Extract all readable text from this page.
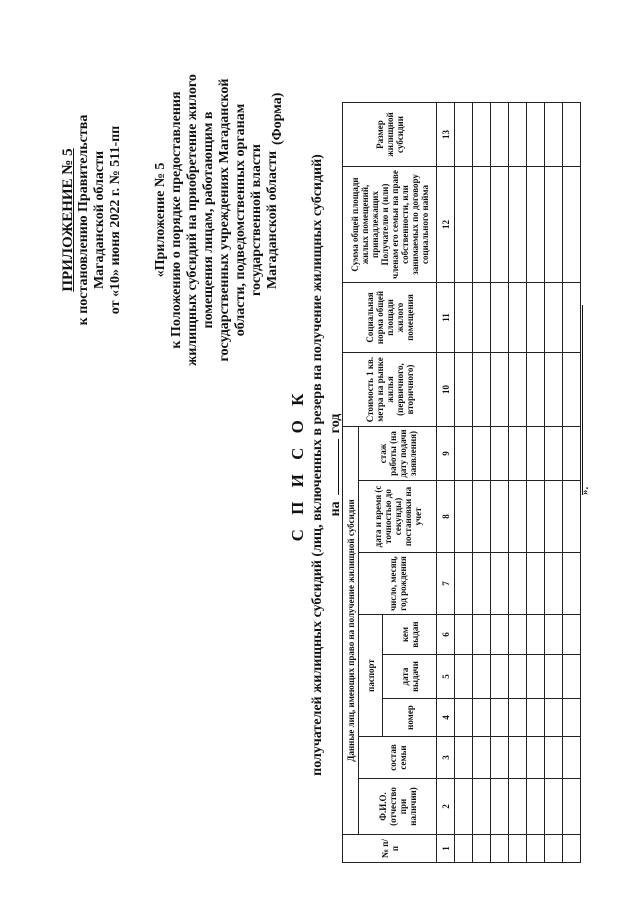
ПРИЛОЖЕНИЕ № 5 к постановлению Правительства Магаданской области от «10» июня 2022 г.№511-пп
«Приложение № 5 к Положению о порядке предоставления жилищных субсидий на приобретение жилого помещения лицам, работающим в государственных учреждениях Магаданской области, подведомственных органам государственной власти Магаданской области
(Форма)
С П И С О К получателей жилищных субсидий (лиц, включенных в резерв на получение жилищных субсидий) нагод
№ п/п	Данные лиц, имеющих право на получение жилищной субсидии								Стоимость 1 кв. метра на рынке жилья (первичного, вторичного)	Социальная норма общей площади жилого помещения	Сумма общей площади жилых помещений, принадлежащих Получателю и (или) членам его семьи на праве собственности, или занимаемых по договору социального найма	Размер жилищной субсидии
	Ф.И.О. (отчество при наличии)	состав семьи	паспорт			число, месяц, год рождения	дата и время (с точностью до секунды) постановки на учет	стаж работы (на дату подачи заявления)				
			номер	дата выдачи	кем выдан							
1	2	3	4	5	6	7	8	9	10	11	12	13

».
